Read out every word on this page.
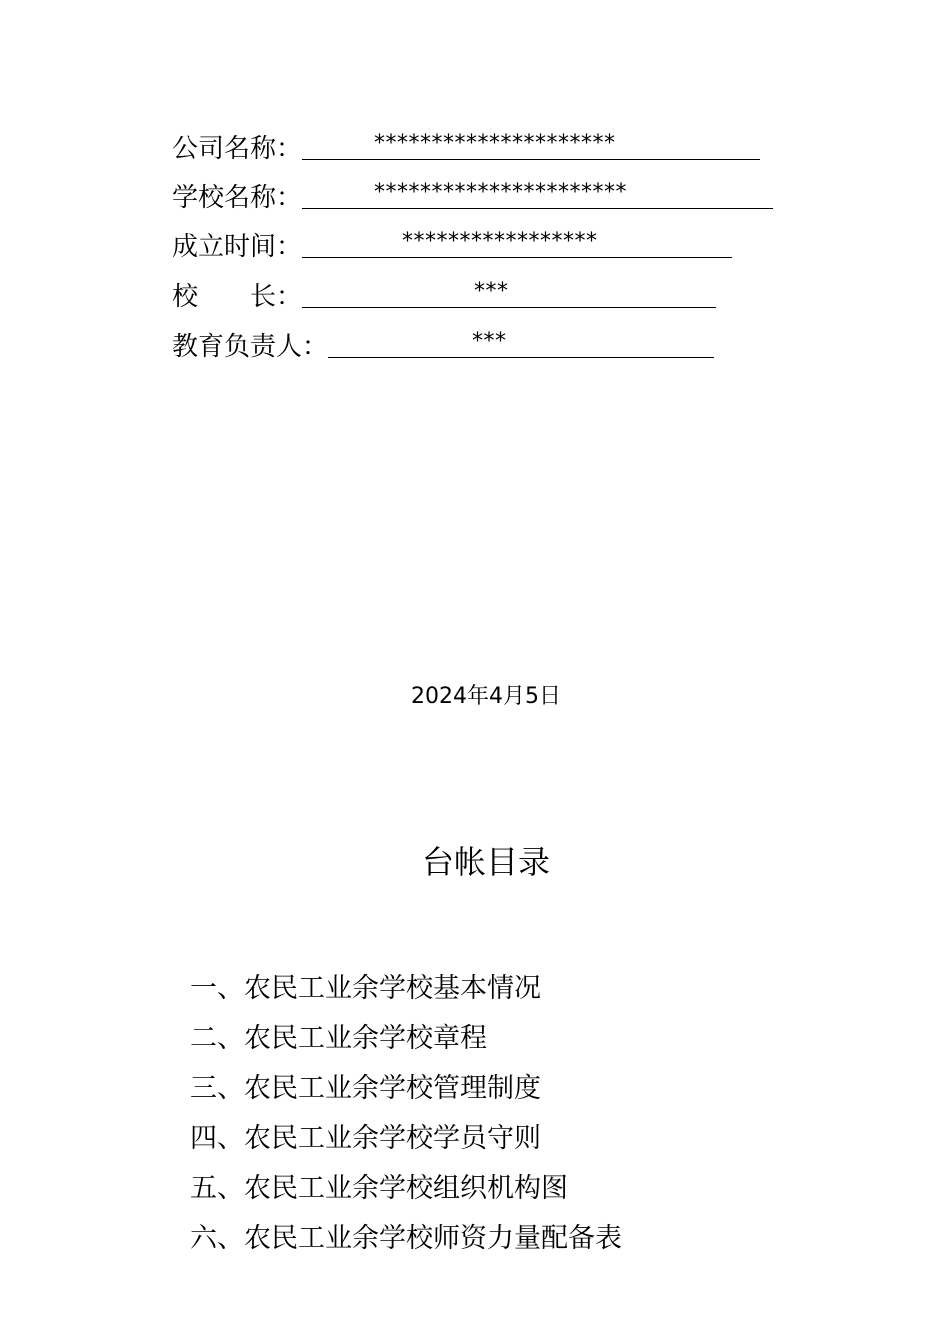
公司名称：	*********************
学校名称：	**********************
成立时间：	*****************
校　　长：	***
教育负责人：	***
2024年4月5日
台帐目录
一、农民工业余学校基本情况
二、农民工业余学校章程
三、农民工业余学校管理制度
四、农民工业余学校学员守则
五、农民工业余学校组织机构图
六、农民工业余学校师资力量配备表
